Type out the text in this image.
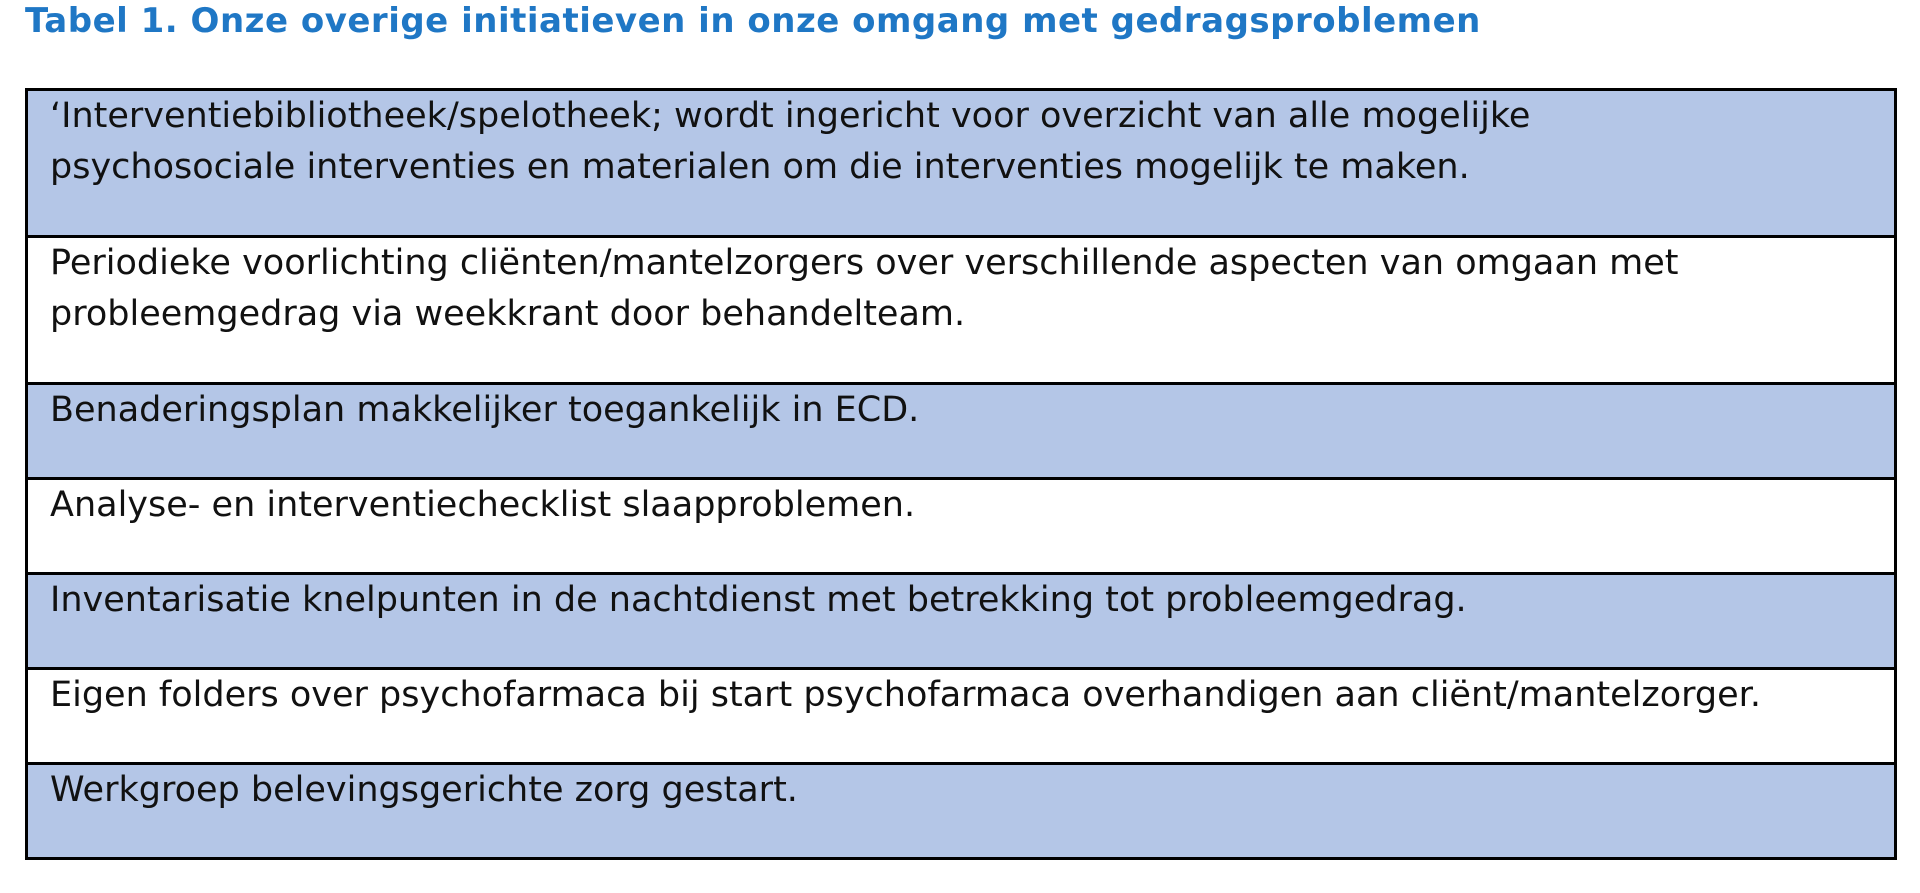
Tabel 1. Onze overige initiatieven in onze omgang met gedragsproblemen
‘Interventiebibliotheek/spelotheek; wordt ingericht voor overzicht van alle mogelijke
psychosociale interventies en materialen om die interventies mogelijk te maken.

Periodieke voorlichting cliënten/mantelzorgers over verschillende aspecten van omgaan met
probleemgedrag via weekkrant door behandelteam.

Benaderingsplan makkelijker toegankelijk in ECD.

Analyse- en interventiechecklist slaapproblemen.

Inventarisatie knelpunten in de nachtdienst met betrekking tot probleemgedrag.

Eigen folders over psychofarmaca bij start psychofarmaca overhandigen aan cliënt/mantelzorger.

Werkgroep belevingsgerichte zorg gestart.
